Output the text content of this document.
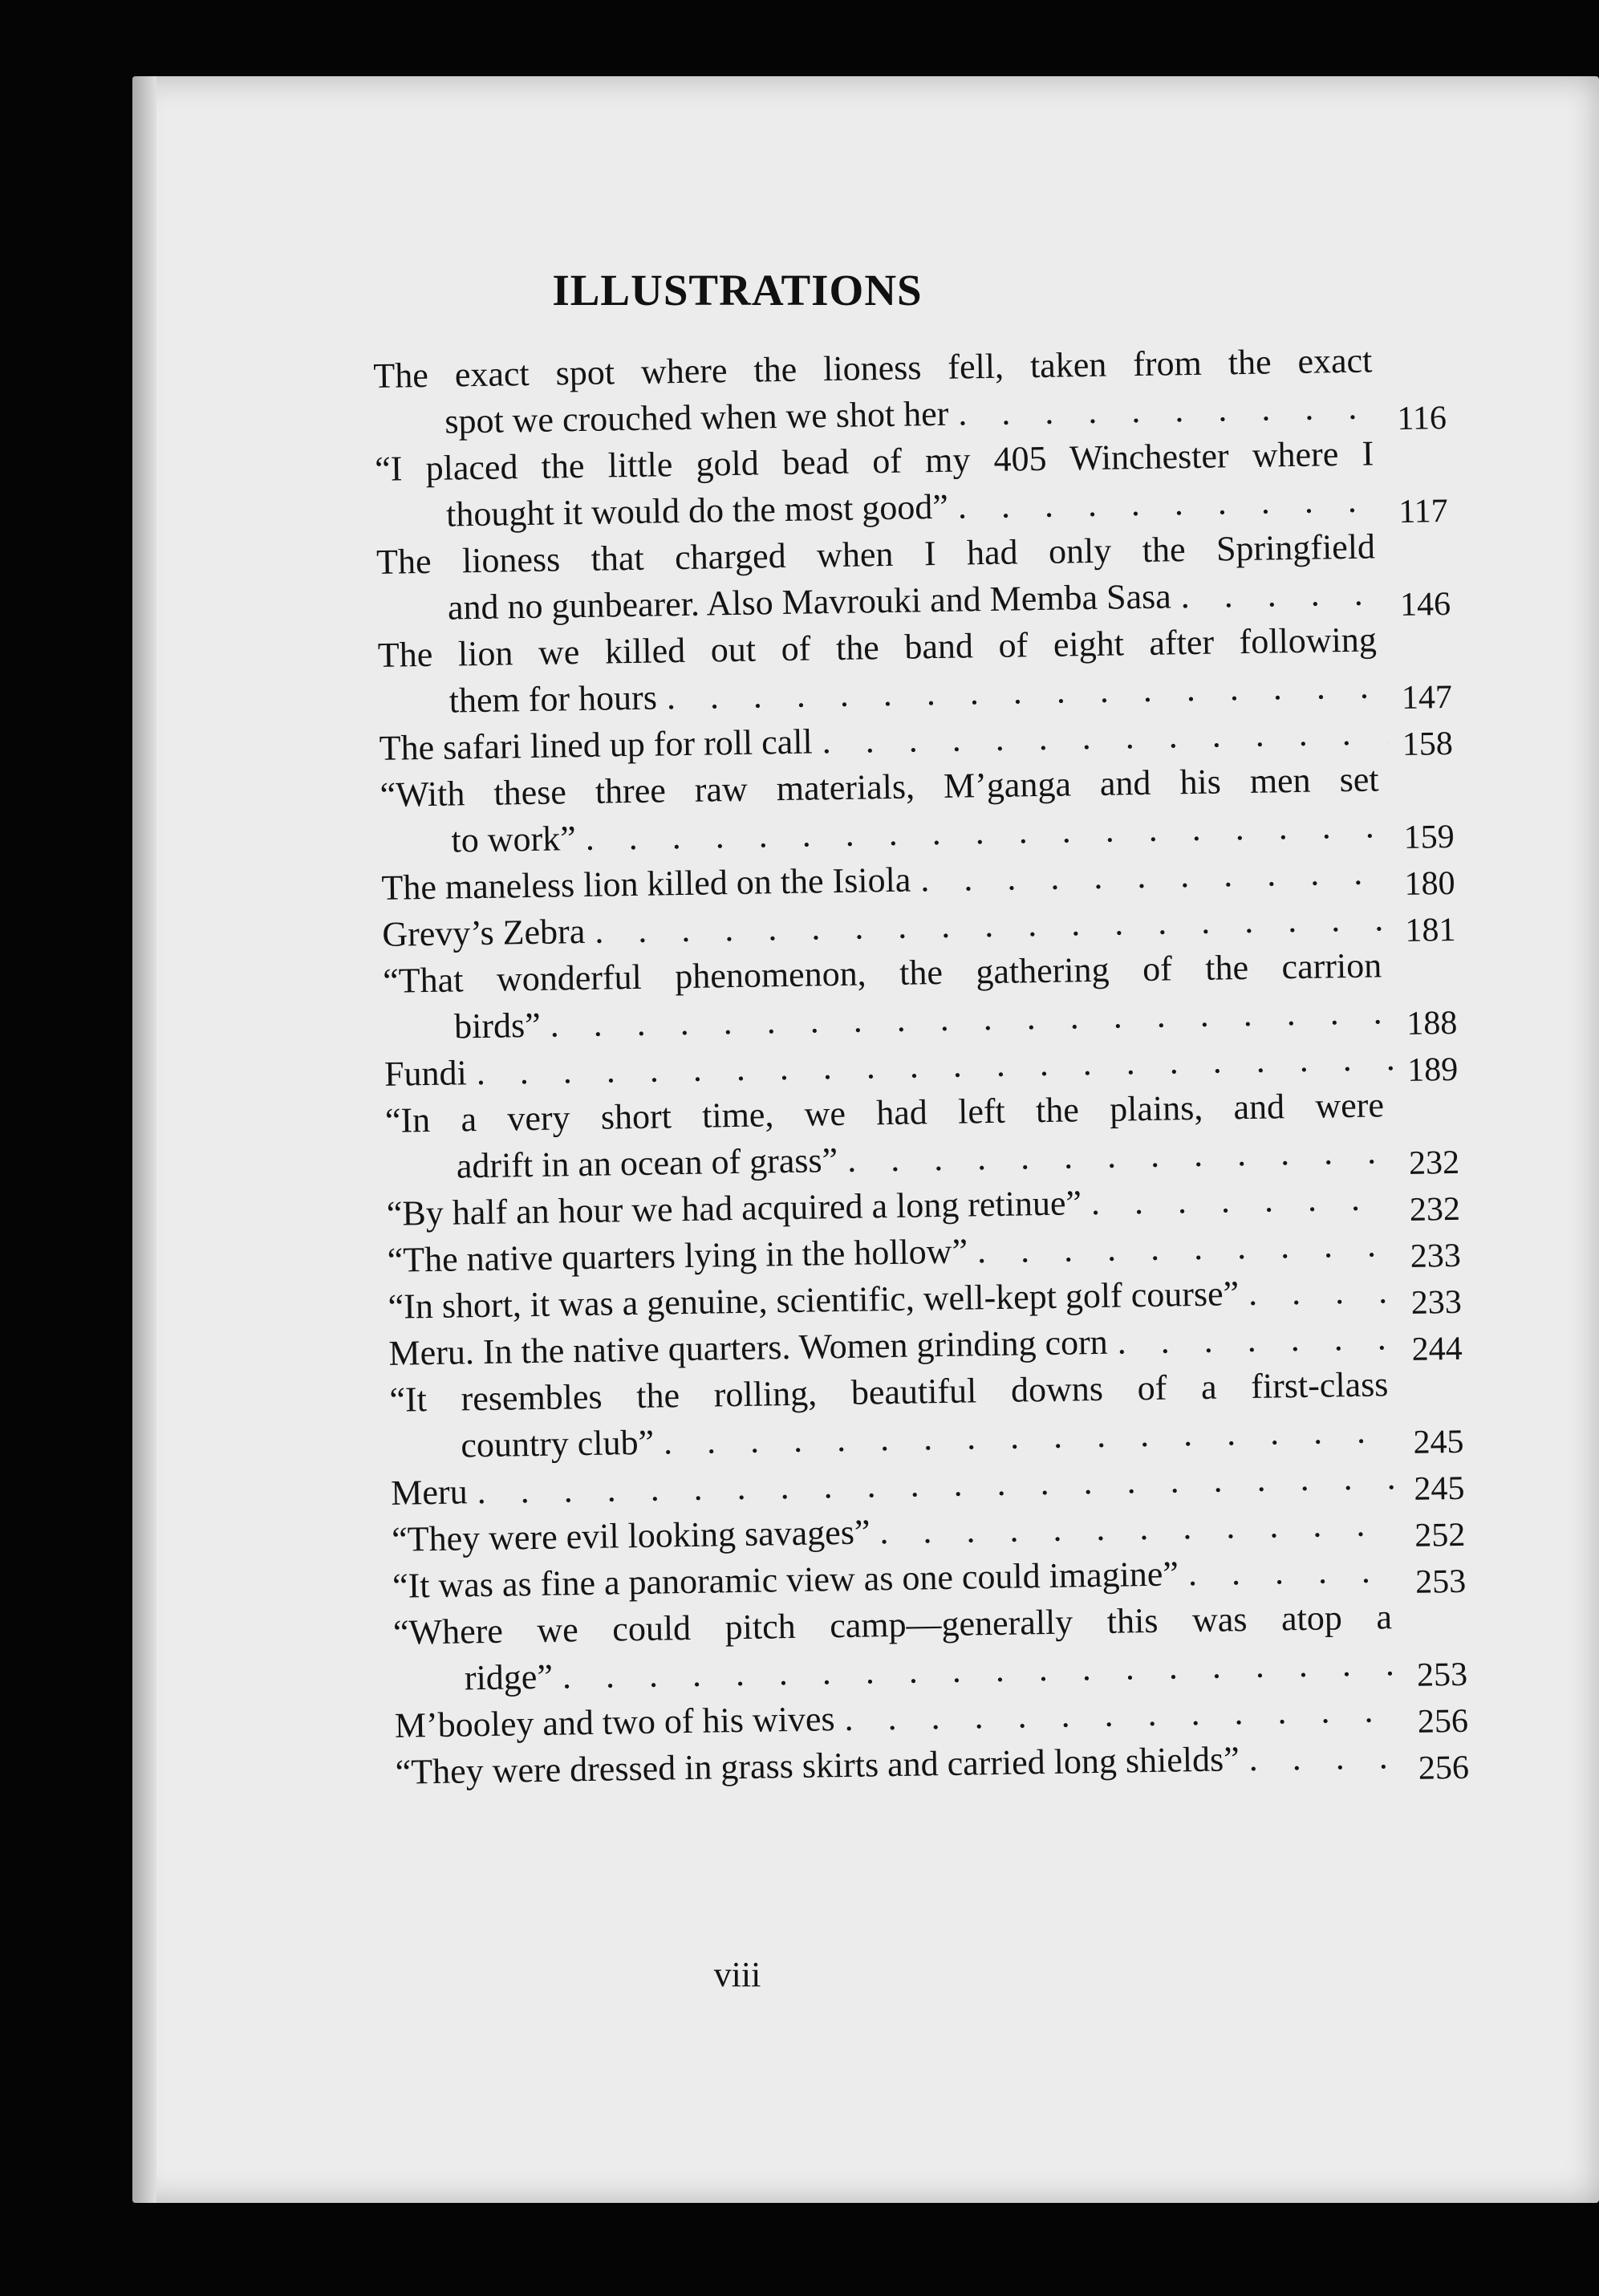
ILLUSTRATIONS
The exact spot where the lioness fell, taken from the exact
spot we crouched when we shot her . . .	116
“I placed the little gold bead of my 405 Winchester where I
thought it would do the most good” . . .	117
The lioness that charged when I had only the Springfield
and no gunbearer. Also Mavrouki and Memba Sasa . . .	146
The lion we killed out of the band of eight after following
them for hours . . .	147
The safari lined up for roll call . . .	158
“With these three raw materials, M’ganga and his men set
to work” . . .	159
The maneless lion killed on the Isiola . . .	180
Grevy’s Zebra . . .	181
“That wonderful phenomenon, the gathering of the carrion
birds” . . .	188
Fundi . . .	189
“In a very short time, we had left the plains, and were
adrift in an ocean of grass” . . .	232
“By half an hour we had acquired a long retinue” . . .	232
“The native quarters lying in the hollow” . . .	233
“In short, it was a genuine, scientific, well-kept golf course” . . .	233
Meru. In the native quarters. Women grinding corn . . .	244
“It resembles the rolling, beautiful downs of a first-class
country club” . . .	245
Meru . . .	245
“They were evil looking savages” . . .	252
“It was as fine a panoramic view as one could imagine” . . .	253
“Where we could pitch camp—generally this was atop a
ridge” . . .	253
M’booley and two of his wives . . .	256
“They were dressed in grass skirts and carried long shields” . . .	256
viii
